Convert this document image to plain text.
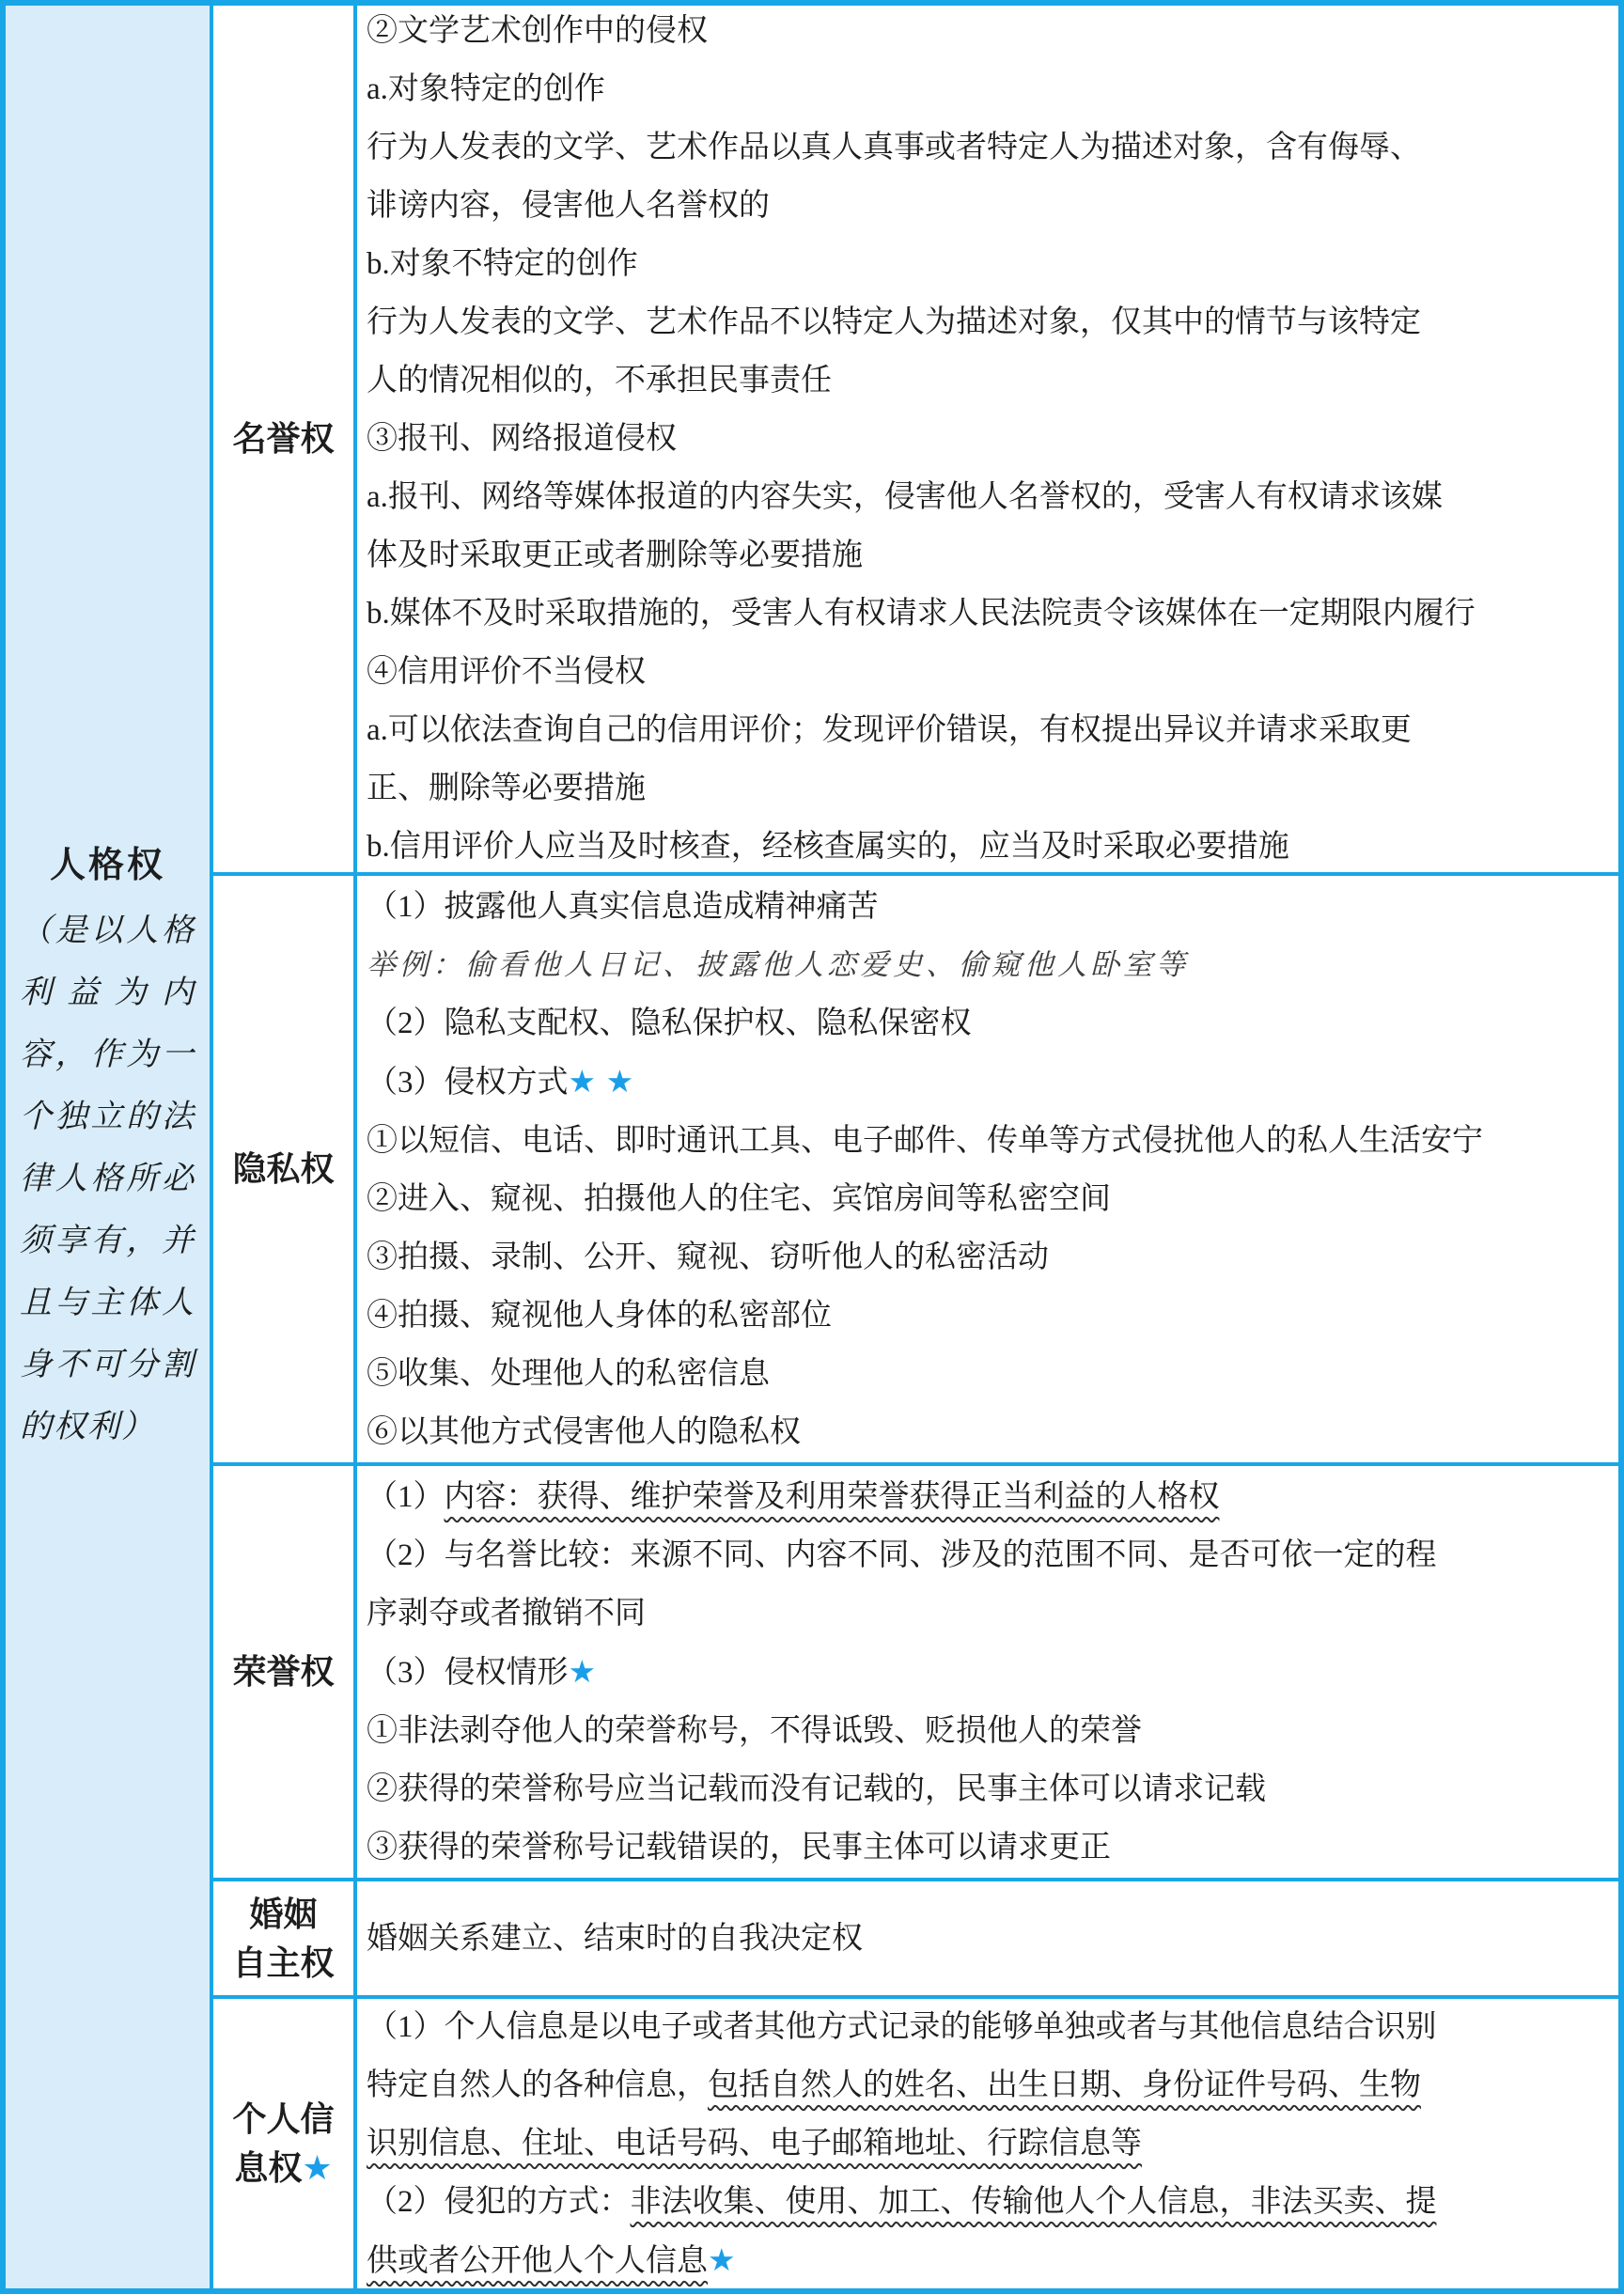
人格权
（是以人格利益为内容，作为一个独立的法律人格所必须享有，并且与主体人身不可分割的权利）
名誉权
②文学艺术创作中的侵权
a.对象特定的创作
行为人发表的文学、艺术作品以真人真事或者特定人为描述对象，含有侮辱、
诽谤内容，侵害他人名誉权的
b.对象不特定的创作
行为人发表的文学、艺术作品不以特定人为描述对象，仅其中的情节与该特定
人的情况相似的，不承担民事责任
③报刊、网络报道侵权
a.报刊、网络等媒体报道的内容失实，侵害他人名誉权的，受害人有权请求该媒
体及时采取更正或者删除等必要措施
b.媒体不及时采取措施的，受害人有权请求人民法院责令该媒体在一定期限内履行
④信用评价不当侵权
a.可以依法查询自己的信用评价；发现评价错误，有权提出异议并请求采取更
正、删除等必要措施
b.信用评价人应当及时核查，经核查属实的，应当及时采取必要措施
隐私权
（1）披露他人真实信息造成精神痛苦
举例：偷看他人日记、披露他人恋爱史、偷窥他人卧室等
（2）隐私支配权、隐私保护权、隐私保密权
（3）侵权方式★ ★
①以短信、电话、即时通讯工具、电子邮件、传单等方式侵扰他人的私人生活安宁
②进入、窥视、拍摄他人的住宅、宾馆房间等私密空间
③拍摄、录制、公开、窥视、窃听他人的私密活动
④拍摄、窥视他人身体的私密部位
⑤收集、处理他人的私密信息
⑥以其他方式侵害他人的隐私权
荣誉权
（1）内容：获得、维护荣誉及利用荣誉获得正当利益的人格权
（2）与名誉比较：来源不同、内容不同、涉及的范围不同、是否可依一定的程
序剥夺或者撤销不同
（3）侵权情形★
①非法剥夺他人的荣誉称号，不得诋毁、贬损他人的荣誉
②获得的荣誉称号应当记载而没有记载的，民事主体可以请求记载
③获得的荣誉称号记载错误的，民事主体可以请求更正
婚姻
自主权
婚姻关系建立、结束时的自我决定权
个人信
息权★
（1）个人信息是以电子或者其他方式记录的能够单独或者与其他信息结合识别
特定自然人的各种信息，包括自然人的姓名、出生日期、身份证件号码、生物
识别信息、住址、电话号码、电子邮箱地址、行踪信息等
（2）侵犯的方式：非法收集、使用、加工、传输他人个人信息，非法买卖、提
供或者公开他人个人信息★
